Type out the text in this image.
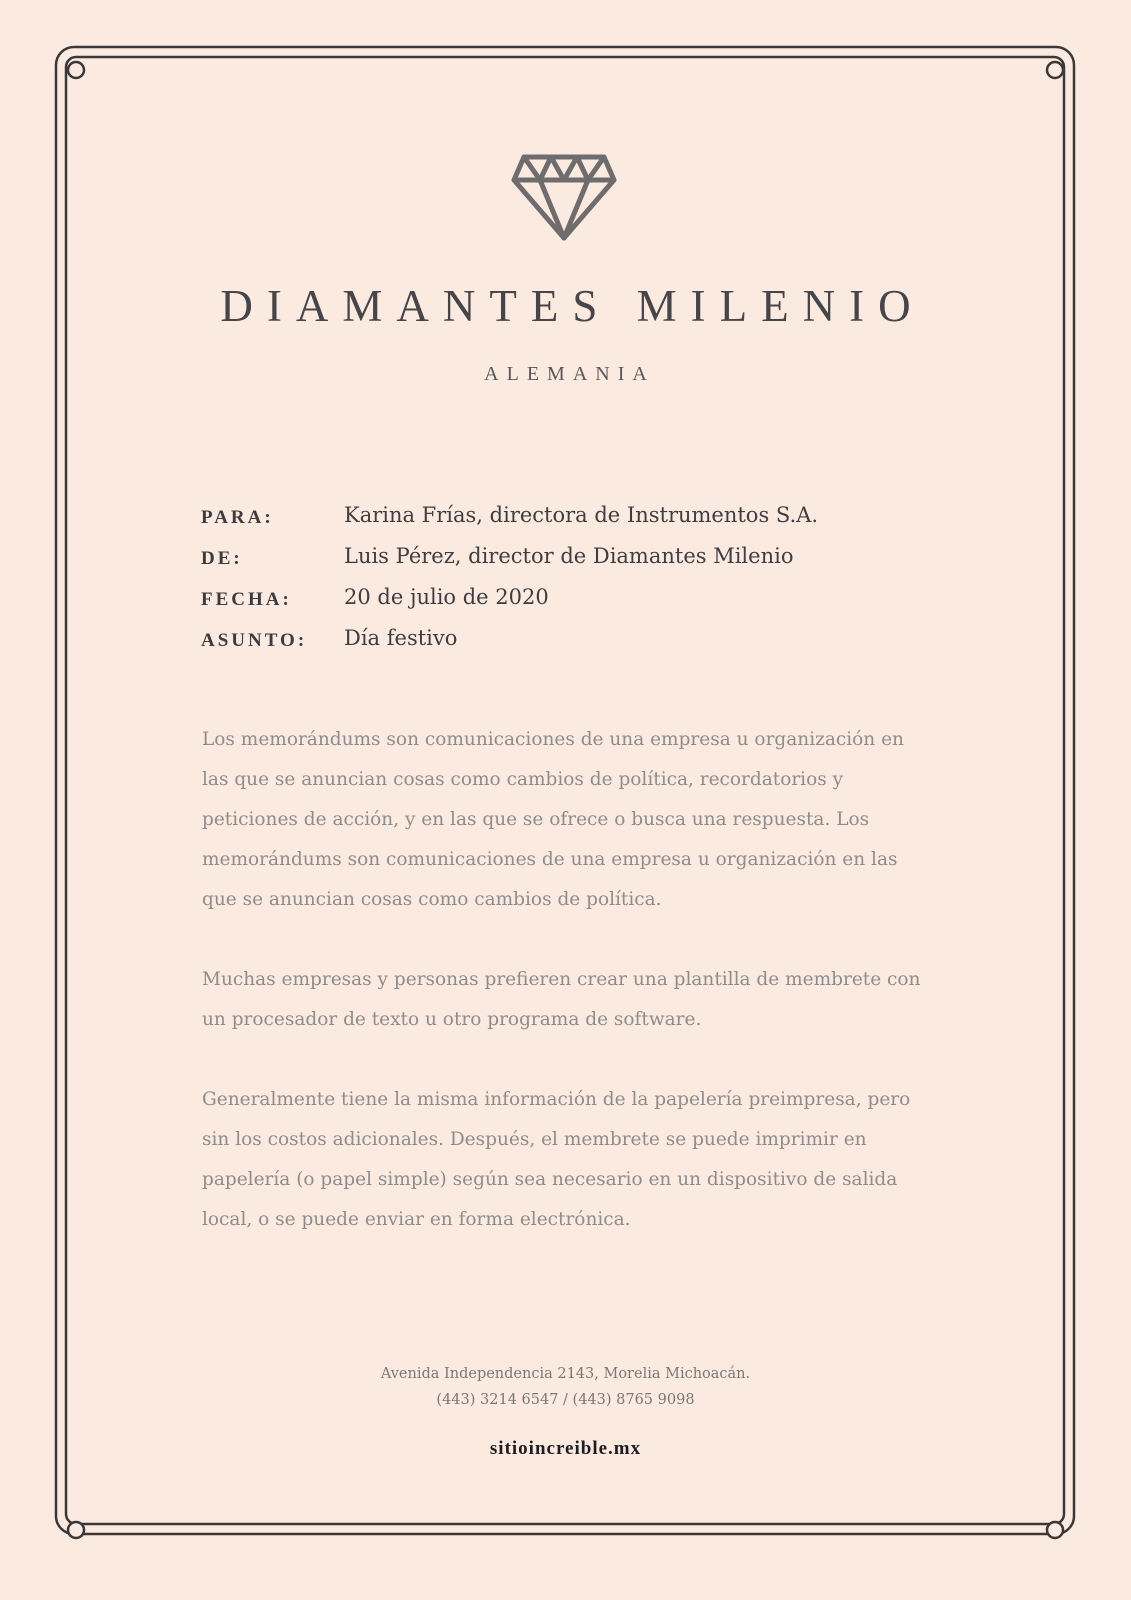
DIAMANTES MILENIO
ALEMANIA
PARA:	Karina Frías, directora de Instrumentos S.A.
DE:	Luis Pérez, director de Diamantes Milenio
FECHA: 20 de julio de 2020
ASUNTO: Día festivo

Los memorándums son comunicaciones de una empresa u organización en las que se anuncian cosas como cambios de política, recordatorios y peticiones de acción, y en las que se ofrece o busca una respuesta. Los memorándums son comunicaciones de una empresa u organización en las que se anuncian cosas como cambios de política.

Muchas empresas y personas prefieren crear una plantilla de membrete con un procesador de texto u otro programa de software.

Generalmente tiene la misma información de la papelería preimpresa, pero sin los costos adicionales. Después, el membrete se puede imprimir en papelería (o papel simple) según sea necesario en un dispositivo de salida local, o se puede enviar en forma electrónica.

Avenida Independencia 2143, Morelia Michoacán.
(443) 3214 6547 / (443) 8765 9098
sitioincreible.mx
